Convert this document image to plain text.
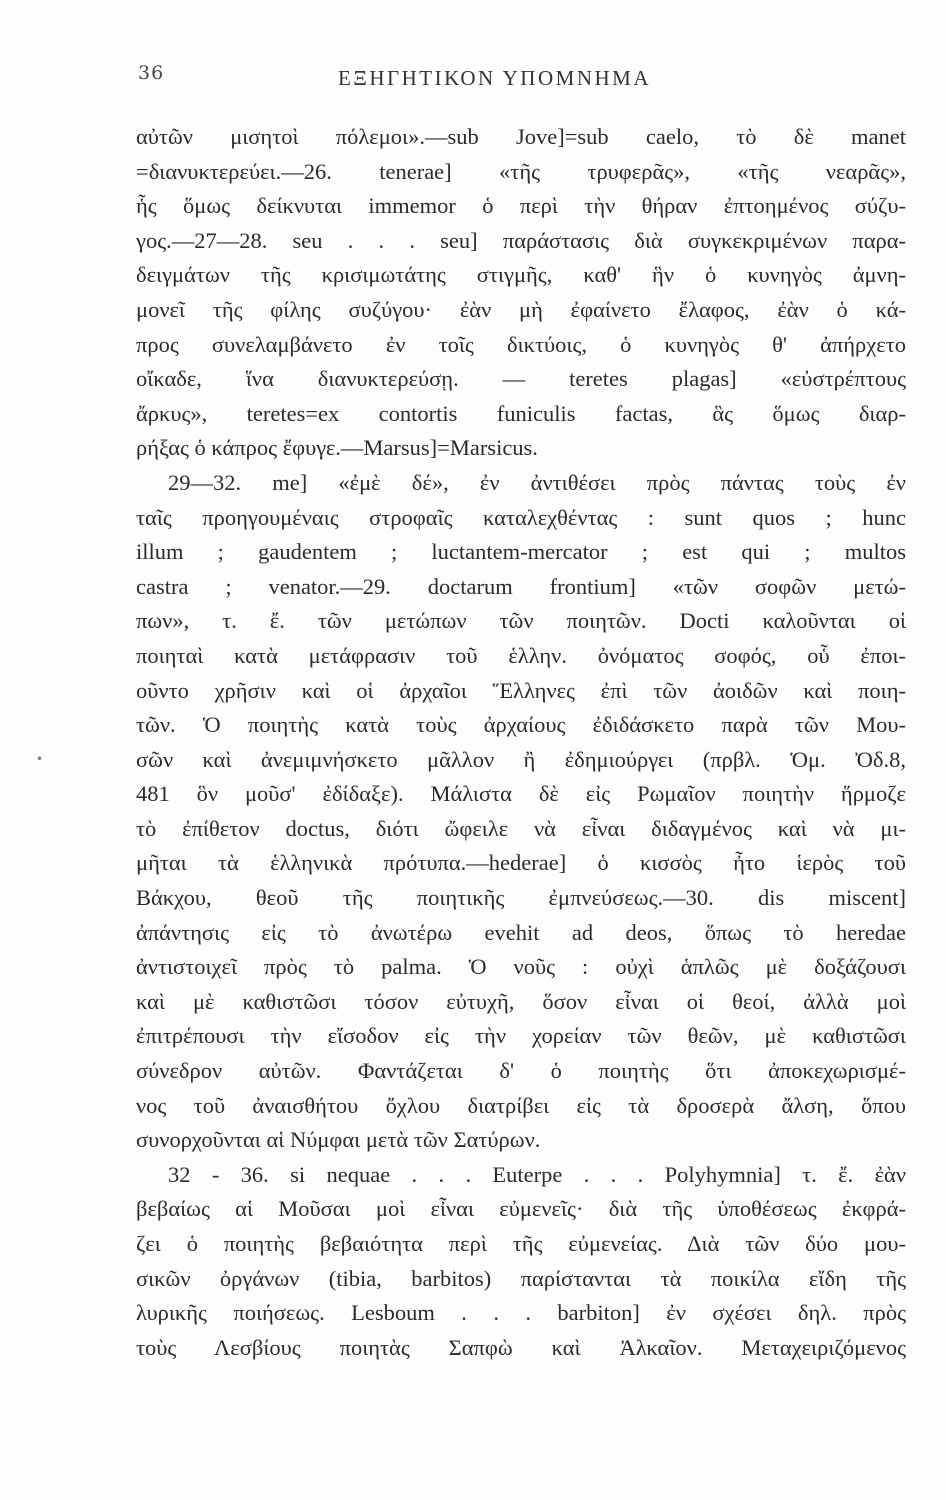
36	ΕΞΗΓΗΤΙΚΟΝ ΥΠΟΜΝΗΜΑ
•
αὐτῶν μισητοὶ πόλεμοι».—sub Jove]=sub caelo, τὸ δὲ manet
=διανυκτερεύει.—26. tenerae] «τῆς τρυφερᾶς», «τῆς νεαρᾶς»,
ἧς ὅμως δείκνυται immemor ὁ περὶ τὴν θήραν ἐπτοημένος σύζυ-
γος.—27—28. seu . . . seu] παράστασις διὰ συγκεκριμένων παρα-
δειγμάτων τῆς κρισιμωτάτης στιγμῆς, καθ' ἣν ὁ κυνηγὸς ἀμνη-
μονεῖ τῆς φίλης συζύγου· ἐὰν μὴ ἐφαίνετο ἔλαφος, ἐὰν ὁ κά-
προς συνελαμβάνετο ἐν τοῖς δικτύοις, ὁ κυνηγὸς θ' ἀπήρχετο
οἴκαδε, ἵνα διανυκτερεύσῃ. — teretes plagas] «εὐστρέπτους
ἄρκυς», teretes=ex contortis funiculis factas, ἃς ὅμως διαρ-
ρήξας ὁ κάπρος ἔφυγε.—Marsus]=Marsicus.
29—32. me] «ἐμὲ δέ», ἐν ἀντιθέσει πρὸς πάντας τοὺς ἐν
ταῖς προηγουμέναις στροφαῖς καταλεχθέντας : sunt quos ; hunc
illum ; gaudentem ; luctantem-mercator ; est qui ; multos
castra ; venator.—29. doctarum frontium] «τῶν σοφῶν μετώ-
πων», τ. ἔ. τῶν μετώπων τῶν ποιητῶν. Docti καλοῦνται οἱ
ποιηταὶ κατὰ μετάφρασιν τοῦ ἑλλην. ὀνόματος σοφός, οὗ ἐποι-
οῦντο χρῆσιν καὶ οἱ ἀρχαῖοι Ἕλληνες ἐπὶ τῶν ἀοιδῶν καὶ ποιη-
τῶν. Ὁ ποιητὴς κατὰ τοὺς ἀρχαίους ἐδιδάσκετο παρὰ τῶν Μου-
σῶν καὶ ἀνεμιμνήσκετο μᾶλλον ἢ ἐδημιούργει (πρβλ. Ὁμ. Ὀδ.8,
481 ὃν μοῦσ' ἐδίδαξε). Μάλιστα δὲ εἰς Ρωμαῖον ποιητὴν ἥρμοζε
τὸ ἐπίθετον doctus, διότι ὤφειλε νὰ εἶναι διδαγμένος καὶ νὰ μι-
μῆται τὰ ἑλληνικὰ πρότυπα.—hederae] ὁ κισσὸς ἦτο ἱερὸς τοῦ
Βάκχου, θεοῦ τῆς ποιητικῆς ἐμπνεύσεως.—30. dis miscent]
ἀπάντησις εἰς τὸ ἀνωτέρω evehit ad deos, ὅπως τὸ heredae
ἀντιστοιχεῖ πρὸς τὸ palma. Ὁ νοῦς : οὐχὶ ἁπλῶς μὲ δοξάζουσι
καὶ μὲ καθιστῶσι τόσον εὐτυχῆ, ὅσον εἶναι οἱ θεοί, ἀλλὰ μοὶ
ἐπιτρέπουσι τὴν εἴσοδον εἰς τὴν χορείαν τῶν θεῶν, μὲ καθιστῶσι
σύνεδρον αὐτῶν. Φαντάζεται δ' ὁ ποιητὴς ὅτι ἀποκεχωρισμέ-
νος τοῦ ἀναισθήτου ὄχλου διατρίβει εἰς τὰ δροσερὰ ἄλση, ὅπου
συνορχοῦνται αἱ Νύμφαι μετὰ τῶν Σατύρων.
32 - 36. si nequae . . . Euterpe . . . Polyhymnia] τ. ἔ. ἐὰν
βεβαίως αἱ Μοῦσαι μοὶ εἶναι εὐμενεῖς· διὰ τῆς ὑποθέσεως ἐκφρά-
ζει ὁ ποιητὴς βεβαιότητα περὶ τῆς εὐμενείας. Διὰ τῶν δύο μου-
σικῶν ὀργάνων (tibia, barbitos) παρίστανται τὰ ποικίλα εἴδη τῆς
λυρικῆς ποιήσεως. Lesboum . . . barbiton] ἐν σχέσει δηλ. πρὸς
τοὺς Λεσβίους ποιητὰς Σαπφὼ καὶ Ἀλκαῖον. Μεταχειριζόμενος
